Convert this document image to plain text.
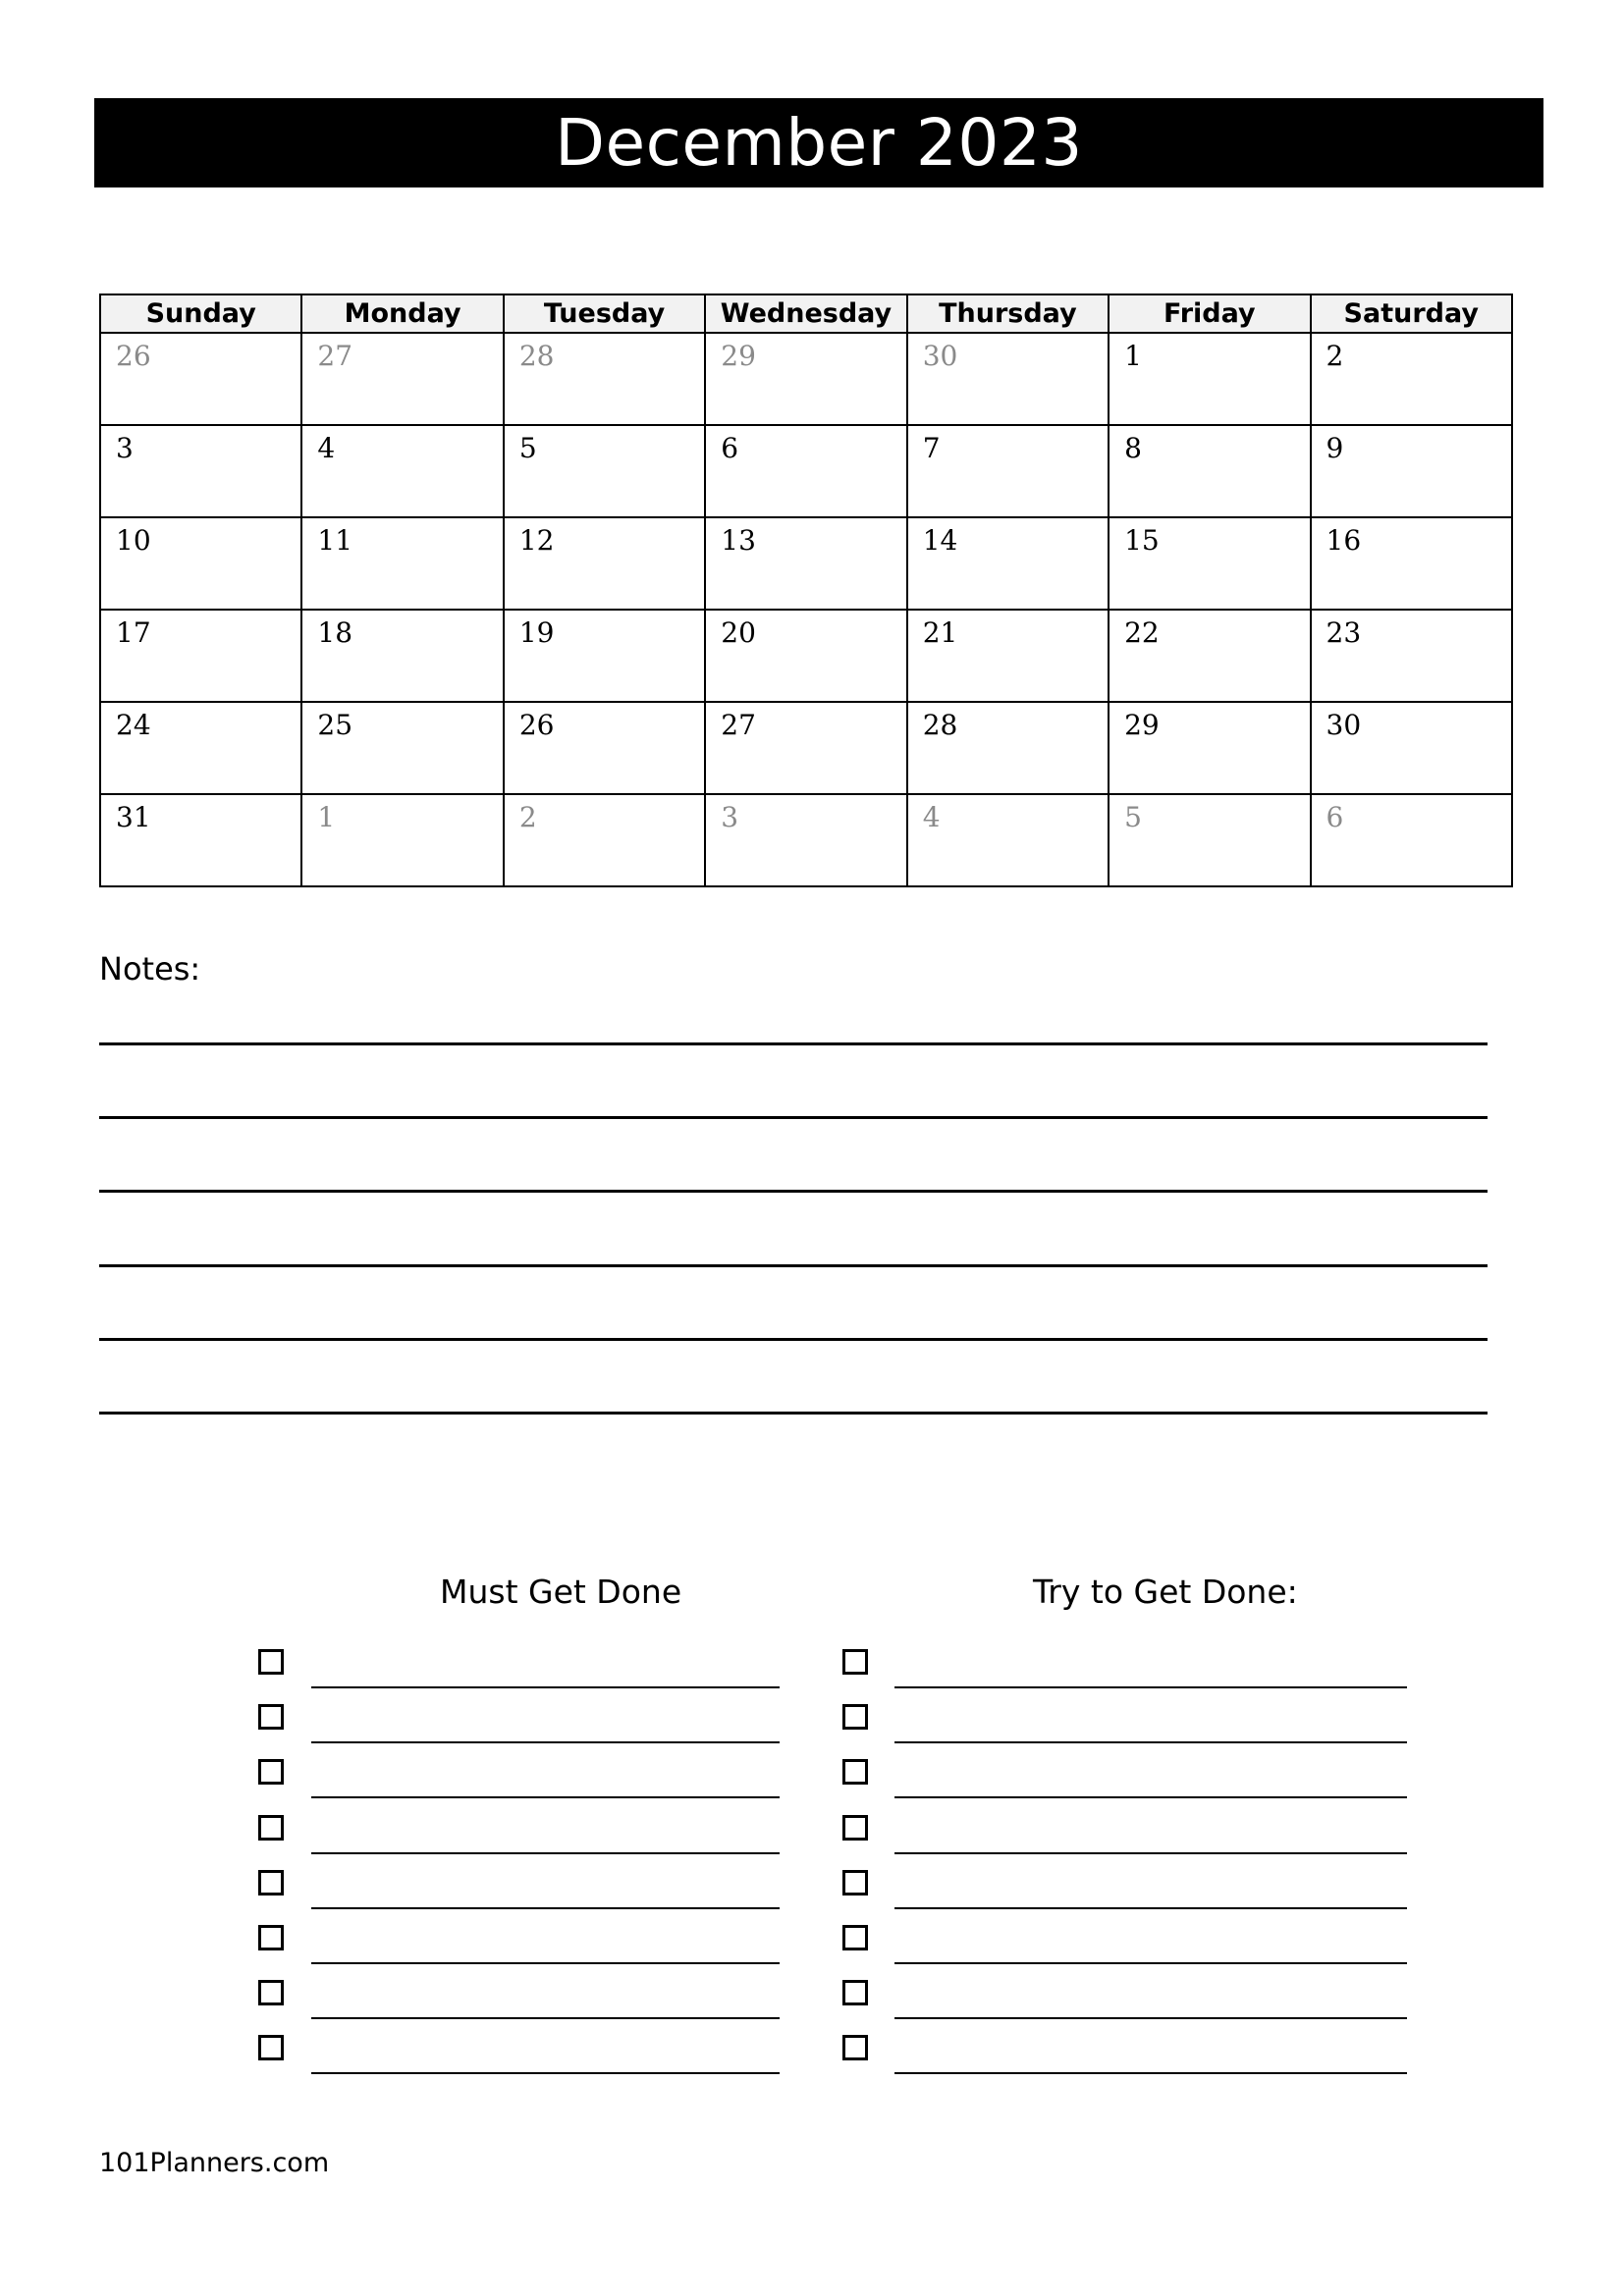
December 2023
Sunday	Monday	Tuesday	Wednesday	Thursday	Friday	Saturday

26	27	28	29	30	1	2

3	4	5	6	7	8	9

10	11	12	13	14	15	16

17	18	19	20	21	22	23

24	25	26	27	28	29	30

31	1	2	3	4	5	6
Notes:
Must Get Done	Try to Get Done:
101Planners.com
